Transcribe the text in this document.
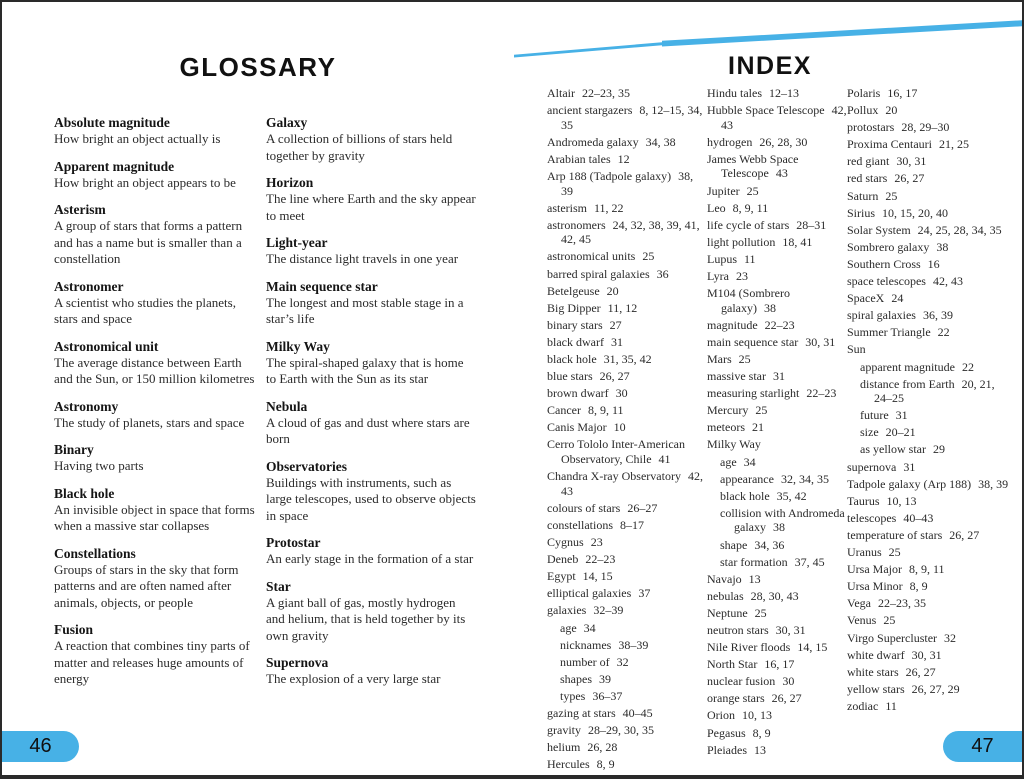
GLOSSARY
Absolute magnitude
How bright an object actually is
Apparent magnitude
How bright an object appears to be
Asterism
A group of stars that forms a pattern and has a name but is smaller than a constellation
Astronomer
A scientist who studies the planets, stars and space
Astronomical unit
The average distance between Earth and the Sun, or 150 million kilometres
Astronomy
The study of planets, stars and space
Binary
Having two parts
Black hole
An invisible object in space that forms when a massive star collapses
Constellations
Groups of stars in the sky that form patterns and are often named after animals, objects, or people
Fusion
A reaction that combines tiny parts of matter and releases huge amounts of energy
Galaxy
A collection of billions of stars held together by gravity
Horizon
The line where Earth and the sky appear to meet
Light-year
The distance light travels in one year
Main sequence star
The longest and most stable stage in a star’s life
Milky Way
The spiral-shaped galaxy that is home to Earth with the Sun as its star
Nebula
A cloud of gas and dust where stars are born
Observatories
Buildings with instruments, such as large telescopes, used to observe objects in space
Protostar
An early stage in the formation of a star
Star
A giant ball of gas, mostly hydrogen and helium, that is held together by its own gravity
Supernova
The explosion of a very large star
INDEX
Altair 22–23, 35
ancient stargazers 8, 12–15, 34, 35
Andromeda galaxy 34, 38
Arabian tales 12
Arp 188 (Tadpole galaxy) 38, 39
asterism 11, 22
astronomers 24, 32, 38, 39, 41, 42, 45
astronomical units 25
barred spiral galaxies 36
Betelgeuse 20
Big Dipper 11, 12
binary stars 27
black dwarf 31
black hole 31, 35, 42
blue stars 26, 27
brown dwarf 30
Cancer 8, 9, 11
Canis Major 10
Cerro Tololo Inter-American Observatory, Chile 41
Chandra X-ray Observatory 42, 43
colours of stars 26–27
constellations 8–17
Cygnus 23
Deneb 22–23
Egypt 14, 15
elliptical galaxies 37
galaxies 32–39
age 34
nicknames 38–39
number of 32
shapes 39
types 36–37
gazing at stars 40–45
gravity 28–29, 30, 35
helium 26, 28
Hercules 8, 9
Hindu tales 12–13
Hubble Space Telescope 42, 43
hydrogen 26, 28, 30
James Webb Space Telescope 43
Jupiter 25
Leo 8, 9, 11
life cycle of stars 28–31
light pollution 18, 41
Lupus 11
Lyra 23
M104 (Sombrero galaxy) 38
magnitude 22–23
main sequence star 30, 31
Mars 25
massive star 31
measuring starlight 22–23
Mercury 25
meteors 21
Milky Way
age 34
appearance 32, 34, 35
black hole 35, 42
collision with Andromeda galaxy 38
shape 34, 36
star formation 37, 45
Navajo 13
nebulas 28, 30, 43
Neptune 25
neutron stars 30, 31
Nile River floods 14, 15
North Star 16, 17
nuclear fusion 30
orange stars 26, 27
Orion 10, 13
Pegasus 8, 9
Pleiades 13
Polaris 16, 17
Pollux 20
protostars 28, 29–30
Proxima Centauri 21, 25
red giant 30, 31
red stars 26, 27
Saturn 25
Sirius 10, 15, 20, 40
Solar System 24, 25, 28, 34, 35
Sombrero galaxy 38
Southern Cross 16
space telescopes 42, 43
SpaceX 24
spiral galaxies 36, 39
Summer Triangle 22
Sun
apparent magnitude 22
distance from Earth 20, 21, 24–25
future 31
size 20–21
as yellow star 29
supernova 31
Tadpole galaxy (Arp 188) 38, 39
Taurus 10, 13
telescopes 40–43
temperature of stars 26, 27
Uranus 25
Ursa Major 8, 9, 11
Ursa Minor 8, 9
Vega 22–23, 35
Venus 25
Virgo Supercluster 32
white dwarf 30, 31
white stars 26, 27
yellow stars 26, 27, 29
zodiac 11
46	47
